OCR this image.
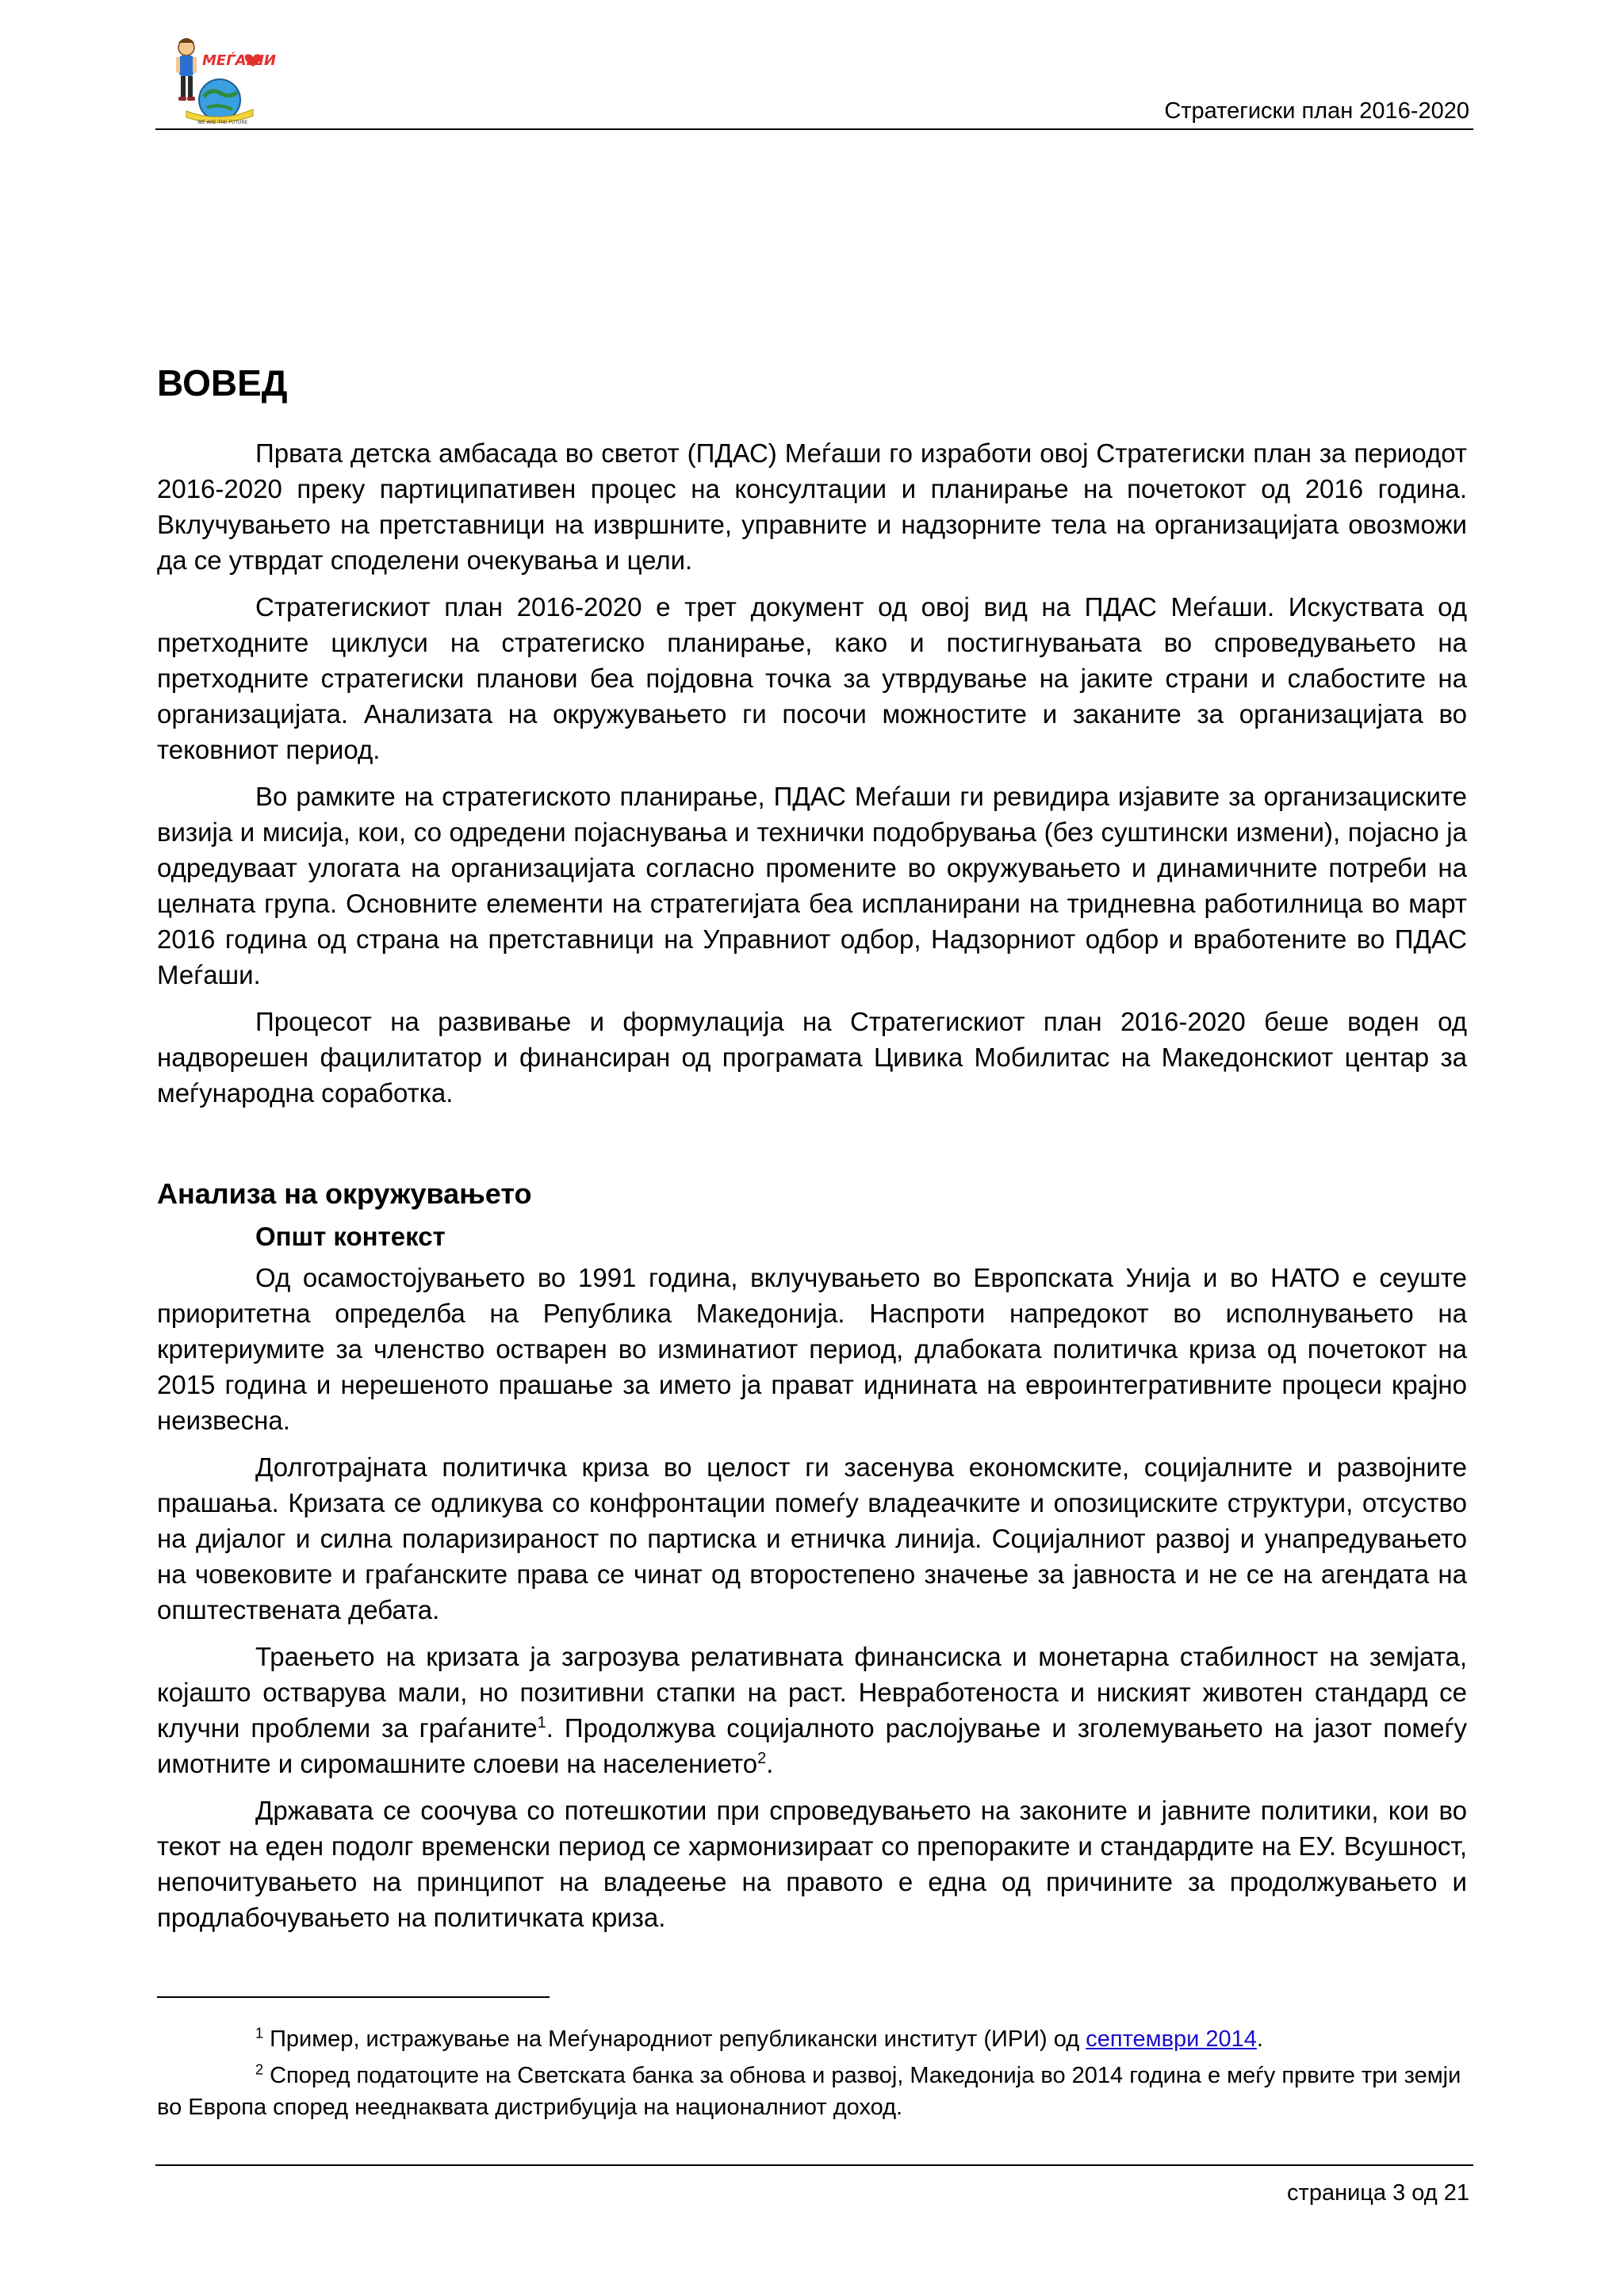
МЕЃАШИ
WE ARE THE FUTURE	Стратегиски план 2016-2020
ВОВЕД

Првата детска амбасада во светот (ПДАС) Меѓаши го изработи овој Стратегиски план за периодот 2016-2020 преку партиципативен процес на консултации и планирање на почетокот од 2016 година. Вклучувањето на претставници на извршните, управните и надзорните тела на организацијата овозможи да се утврдат споделени очекувања и цели.

Стратегискиот план 2016-2020 е трет документ од овој вид на ПДАС Меѓаши. Искуствата од претходните циклуси на стратегиско планирање, како и постигнувањата во спроведувањето на претходните стратегиски планови беа појдовна точка за утврдување на јаките страни и слабостите на организацијата. Анализата на окружувањето ги посочи можностите и заканите за организацијата во тековниот период.

Во рамките на стратегиското планирање, ПДАС Меѓаши ги ревидира изјавите за организациските визија и мисија, кои, со одредени појаснувања и технички подобрувања (без суштински измени), појасно ја одредуваат улогата на организацијата согласно промените во окружувањето и динамичните потреби на целната група. Основните елементи на стратегијата беа испланирани на тридневна работилница во март 2016 година од страна на претставници на Управниот одбор, Надзорниот одбор и вработените во ПДАС Меѓаши.

Процесот на развивање и формулација на Стратегискиот план 2016-2020 беше воден од надворешен фацилитатор и финансиран од програмата Цивика Мобилитас на Македонскиот центар за меѓународна соработка.

Анализа на окружувањето
Општ контекст

Од осамостојувањето во 1991 година, вклучувањето во Европската Унија и во НАТО е сеуште приоритетна определба на Република Македонија. Наспроти напредокот во исполнувањето на критериумите за членство остварен во изминатиот период, длабоката политичка криза од почетокот на 2015 година и нерешеното прашање за името ја прават иднината на евроинтегративните процеси крајно неизвесна.

Долготрајната политичка криза во целост ги засенува економските, социјалните и развојните прашања. Кризата се одликува со конфронтации помеѓу владеачките и опозициските структури, отсуство на дијалог и силна поларизираност по партиска и етничка линија. Социјалниот развој и унапредувањето на човековите и граѓанските права се чинат од второстепено значење за јавноста и не се на агендата на општествената дебата.

Траењето на кризата ја загрозува релативната финансиска и монетарна стабилност на земјата, којашто остварува мали, но позитивни стапки на раст. Невработеноста и ниският животен стандард се клучни проблеми за граѓаните$^1$. Продолжува социјалното раслојување и зголемувањето на јазот помеѓу имотните и сиромашните слоеви на населението$^2$.

Државата се соочува со потешкотии при спроведувањето на законите и јавните политики, кои во текот на еден подолг временски период се хармонизираат со препораките и стандардите на ЕУ. Всушност, непочитувањето на принципот на владеење на правото е една од причините за продолжувањето и продлабочувањето на политичката криза.

$^1$ Пример, истражување на Меѓународниот републикански институт (ИРИ) од септември 2014.

$^2$ Според податоците на Светската банка за обнова и развој, Македонија во 2014 година е меѓу првите три земји во Европа според нееднаквата дистрибуција на националниот доход.

страница 3 од 21
